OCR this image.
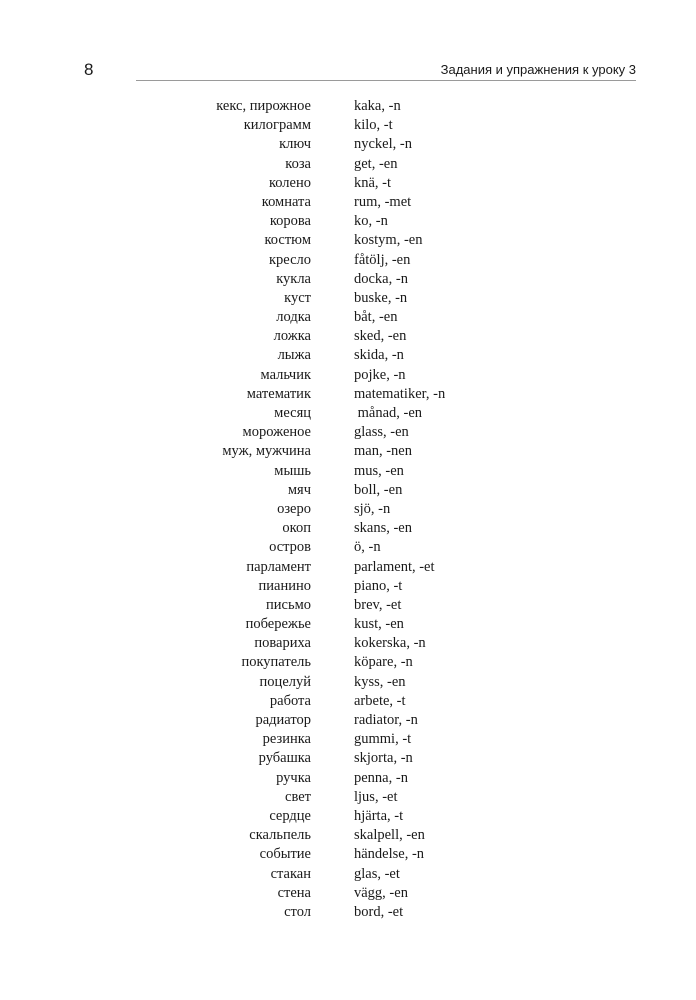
8	Задания и упражнения к уроку 3
кекс, пирожное	kaka, -n
килограмм	kilo, -t
ключ	nyckel, -n
коза	get, -en
колено	knä, -t
комната	rum, -met
корова	ko, -n
костюм	kostym, -en
кресло	fåtölj, -en
кукла	docka, -n
куст	buske, -n
лодка	båt, -en
ложка	sked, -en
лыжа	skida, -n
мальчик	pojke, -n
математик	matematiker, -n
месяц	månad, -en
мороженое	glass, -en
муж, мужчина	man, -nen
мышь	mus, -en
мяч	boll, -en
озеро	sjö, -n
окоп	skans, -en
остров	ö, -n
парламент	parlament, -et
пианино	piano, -t
письмо	brev, -et
побережье	kust, -en
повариха	kokerska, -n
покупатель	köpare, -n
поцелуй	kyss, -en
работа	arbete, -t
радиатор	radiator, -n
резинка	gummi, -t
рубашка	skjorta, -n
ручка	penna, -n
свет	ljus, -et
сердце	hjärta, -t
скальпель	skalpell, -en
событие	händelse, -n
стакан	glas, -et
стена	vägg, -en
стол	bord, -et
